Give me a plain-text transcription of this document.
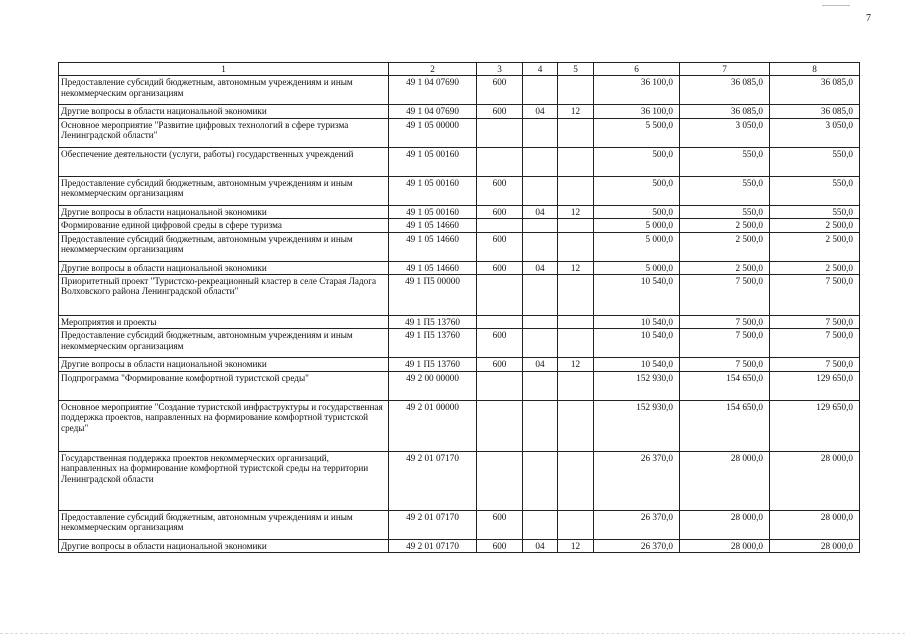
7
1	2	3	4	5	6	7	8
Предоставление субсидий бюджетным, автономным учреждениям и иным некоммерческим организациям	49 1 04 07690	600			36 100,0	36 085,0	36 085,0
Другие вопросы в области национальной экономики	49 1 04 07690	600	04	12	36 100,0	36 085,0	36 085,0
Основное мероприятие "Развитие цифровых технологий в сфере туризма Ленинградской области"	49 1 05 00000				5 500,0	3 050,0	3 050,0
Обеспечение деятельности (услуги, работы) государственных учреждений	49 1 05 00160				500,0	550,0	550,0
Предоставление субсидий бюджетным, автономным учреждениям и иным некоммерческим организациям	49 1 05 00160	600			500,0	550,0	550,0
Другие вопросы в области национальной экономики	49 1 05 00160	600	04	12	500,0	550,0	550,0
Формирование единой цифровой среды в сфере туризма	49 1 05 14660				5 000,0	2 500,0	2 500,0
Предоставление субсидий бюджетным, автономным учреждениям и иным некоммерческим организациям	49 1 05 14660	600			5 000,0	2 500,0	2 500,0
Другие вопросы в области национальной экономики	49 1 05 14660	600	04	12	5 000,0	2 500,0	2 500,0
Приоритетный проект "Туристско-рекреационный кластер в селе Старая Ладога Волховского района Ленинградской области"	49 1 П5 00000				10 540,0	7 500,0	7 500,0
Мероприятия и проекты	49 1 П5 13760				10 540,0	7 500,0	7 500,0
Предоставление субсидий бюджетным, автономным учреждениям и иным некоммерческим организациям	49 1 П5 13760	600			10 540,0	7 500,0	7 500,0
Другие вопросы в области национальной экономики	49 1 П5 13760	600	04	12	10 540,0	7 500,0	7 500,0
Подпрограмма "Формирование комфортной туристской среды"	49 2 00 00000				152 930,0	154 650,0	129 650,0
Основное мероприятие "Создание туристской инфраструктуры и государственная поддержка проектов, направленных на формирование комфортной туристской среды"	49 2 01 00000				152 930,0	154 650,0	129 650,0
Государственная поддержка проектов некоммерческих организаций, направленных на формирование комфортной туристской среды на территории Ленинградской области	49 2 01 07170				26 370,0	28 000,0	28 000,0
Предоставление субсидий бюджетным, автономным учреждениям и иным некоммерческим организациям	49 2 01 07170	600			26 370,0	28 000,0	28 000,0
Другие вопросы в области национальной экономики	49 2 01 07170	600	04	12	26 370,0	28 000,0	28 000,0
